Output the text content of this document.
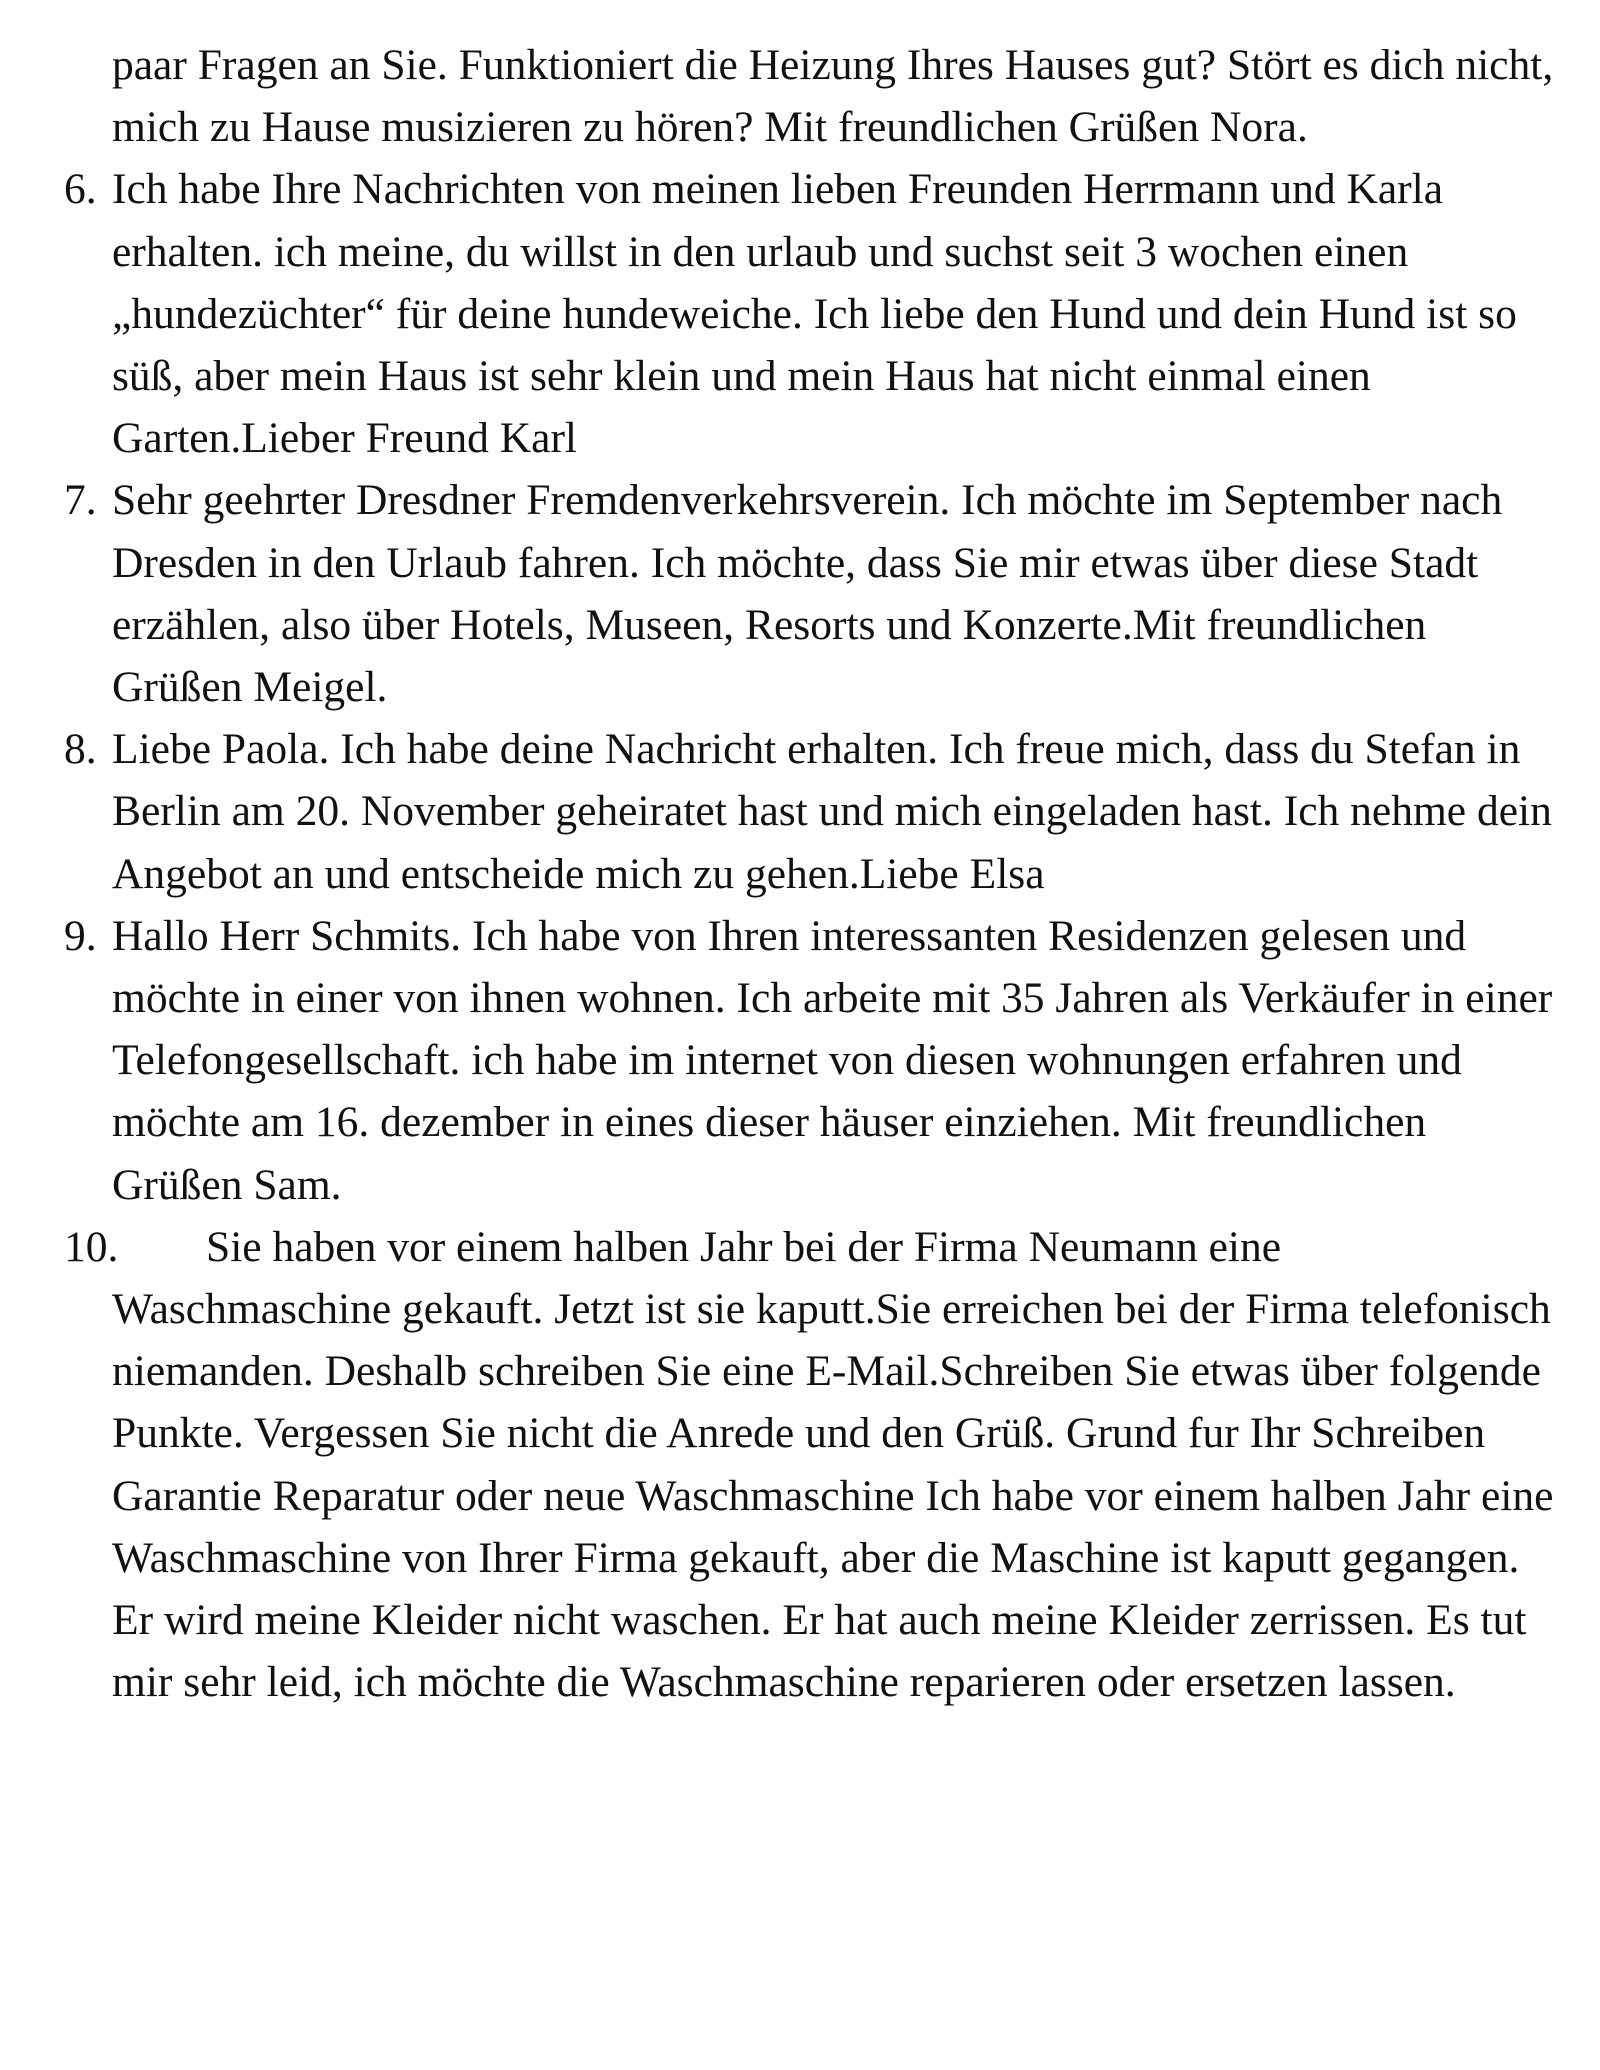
paar Fragen an Sie. Funktioniert die Heizung Ihres Hauses gut? Stört es dich nicht, mich zu Hause musizieren zu hören? Mit freundlichen Grüßen Nora.

6. Ich habe Ihre Nachrichten von meinen lieben Freunden Herrmann und Karla erhalten. ich meine, du willst in den urlaub und suchst seit 3 wochen einen „hundezüchter“ für deine hundeweiche. Ich liebe den Hund und dein Hund ist so süß, aber mein Haus ist sehr klein und mein Haus hat nicht einmal einen Garten.Lieber Freund Karl

7. Sehr geehrter Dresdner Fremdenverkehrsverein. Ich möchte im September nach Dresden in den Urlaub fahren. Ich möchte, dass Sie mir etwas über diese Stadt erzählen, also über Hotels, Museen, Resorts und Konzerte.Mit freundlichen Grüßen Meigel.

8. Liebe Paola. Ich habe deine Nachricht erhalten. Ich freue mich, dass du Stefan in Berlin am 20. November geheiratet hast und mich eingeladen hast. Ich nehme dein Angebot an und entscheide mich zu gehen.Liebe Elsa

9. Hallo Herr Schmits. Ich habe von Ihren interessanten Residenzen gelesen und möchte in einer von ihnen wohnen. Ich arbeite mit 35 Jahren als Verkäufer in einer Telefongesellschaft. ich habe im internet von diesen wohnungen erfahren und möchte am 16. dezember in eines dieser häuser einziehen. Mit freundlichen Grüßen Sam.

10.	Sie haben vor einem halben Jahr bei der Firma Neumann eine Waschmaschine gekauft. Jetzt ist sie kaputt.Sie erreichen bei der Firma telefonisch niemanden. Deshalb schreiben Sie eine E-Mail.Schreiben Sie etwas über folgende Punkte. Vergessen Sie nicht die Anrede und den Grüß. Grund fur Ihr Schreiben Garantie Reparatur oder neue Waschmaschine Ich habe vor einem halben Jahr eine Waschmaschine von Ihrer Firma gekauft, aber die Maschine ist kaputt gegangen. Er wird meine Kleider nicht waschen. Er hat auch meine Kleider zerrissen. Es tut mir sehr leid, ich möchte die Waschmaschine reparieren oder ersetzen lassen.
